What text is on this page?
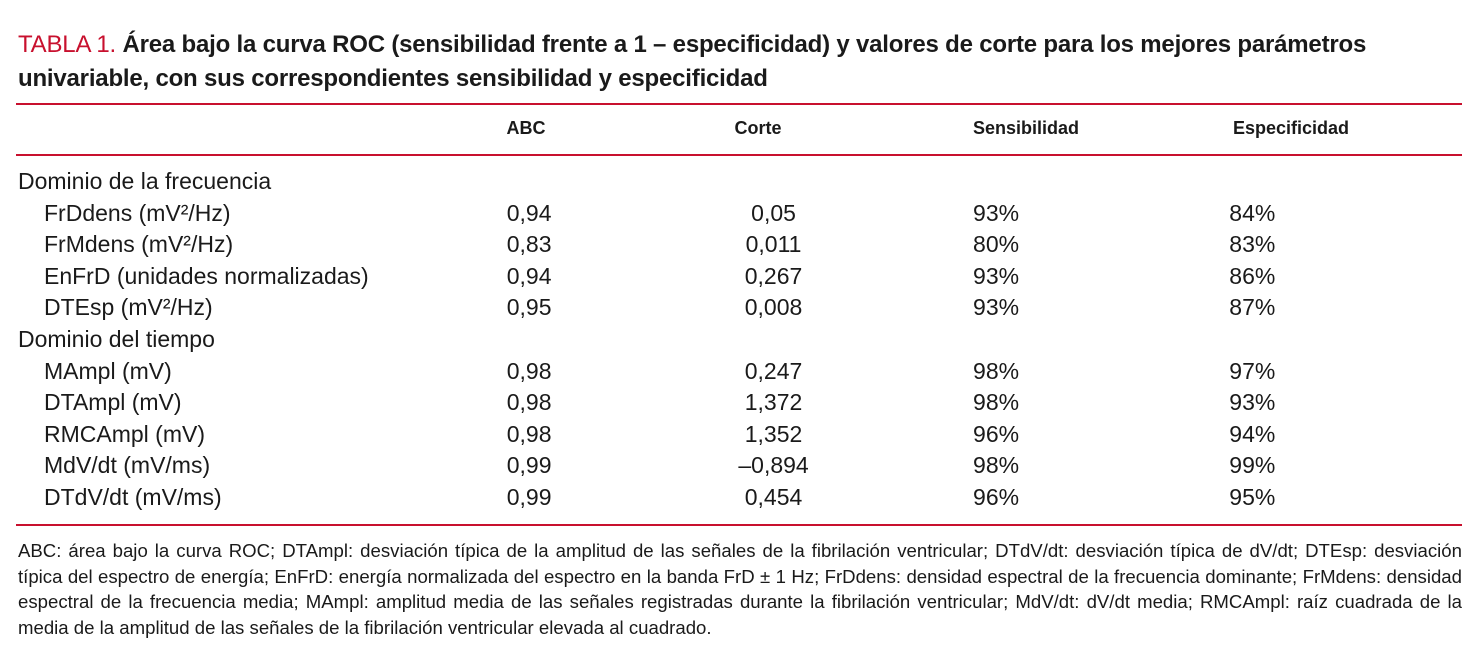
TABLA 1. Área bajo la curva ROC (sensibilidad frente a 1 – especificidad) y valores de corte para los mejores parámetros univariable, con sus correspondientes sensibilidad y especificidad
ABC	Corte	Sensibilidad	Especificidad
Dominio de la frecuencia				
FrDdens (mV²/Hz)	0,94	0,05	93%	84%
FrMdens (mV²/Hz)	0,83	0,011	80%	83%
EnFrD (unidades normalizadas)	0,94	0,267	93%	86%
DTEsp (mV²/Hz)	0,95	0,008	93%	87%
Dominio del tiempo				
MAmpl (mV)	0,98	0,247	98%	97%
DTAmpl (mV)	0,98	1,372	98%	93%
RMCAmpl (mV)	0,98	1,352	96%	94%
MdV/dt (mV/ms)	0,99	–0,894	98%	99%
DTdV/dt (mV/ms)	0,99	0,454	96%	95%
ABC: área bajo la curva ROC; DTAmpl: desviación típica de la amplitud de las señales de la fibrilación ventricular; DTdV/dt: desviación típica de dV/dt; DTEsp: desviación típica del espectro de energía; EnFrD: energía normalizada del espectro en la banda FrD ± 1 Hz; FrDdens: densidad espectral de la frecuencia dominante; FrMdens: densidad espectral de la frecuencia media; MAmpl: amplitud media de las señales registradas durante la fibrilación ventricular; MdV/dt: dV/dt media; RMCAmpl: raíz cuadrada de la media de la amplitud de las señales de la fibrilación ventricular elevada al cuadrado.
